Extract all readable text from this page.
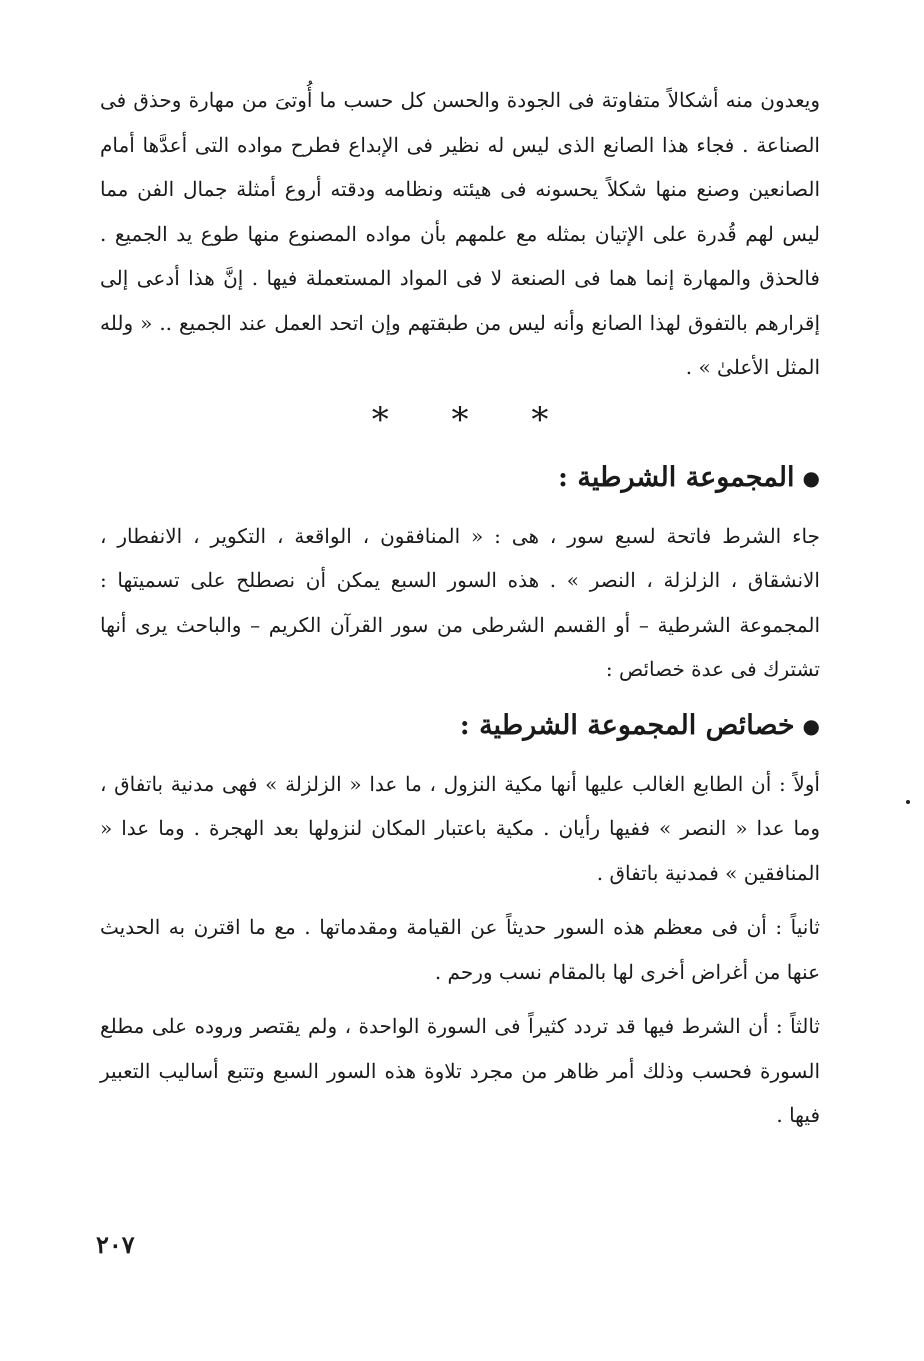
ويعدون منه أشكالاً متفاوتة فى الجودة والحسن كل حسب ما أُوتىَ من مهارة وحذق فى الصناعة . فجاء هذا الصانع الذى ليس له نظير فى الإبداع فطرح مواده التى أعدَّها أمام الصانعين وصنع منها شكلاً يحسونه فى هيئته ونظامه ودقته أروع أمثلة جمال الفن مما ليس لهم قُدرة على الإتيان بمثله مع علمهم بأن مواده المصنوع منها طوع يد الجميع . فالحذق والمهارة إنما هما فى الصنعة لا فى المواد المستعملة فيها . إنَّ هذا أدعى إلى إقرارهم بالتفوق لهذا الصانع وأنه ليس من طبقتهم وإن اتحد العمل عند الجميع .. « ولله المثل الأعلىٰ » .

* * *
●المجموعة الشرطية :

جاء الشرط فاتحة لسبع سور ، هى : « المنافقون ، الواقعة ، التكوير ، الانفطار ، الانشقاق ، الزلزلة ، النصر » . هذه السور السبع يمكن أن نصطلح على تسميتها : المجموعة الشرطية – أو القسم الشرطى من سور القرآن الكريم – والباحث يرى أنها تشترك فى عدة خصائص :

●خصائص المجموعة الشرطية :

أولاً : أن الطابع الغالب عليها أنها مكية النزول ، ما عدا « الزلزلة » فهى مدنية باتفاق ، وما عدا « النصر » ففيها رأيان . مكية باعتبار المكان لنزولها بعد الهجرة . وما عدا « المنافقين » فمدنية باتفاق .

ثانياً : أن فى معظم هذه السور حديثاً عن القيامة ومقدماتها . مع ما اقترن به الحديث عنها من أغراض أخرى لها بالمقام نسب ورحم .

ثالثاً : أن الشرط فيها قد تردد كثيراً فى السورة الواحدة ، ولم يقتصر وروده على مطلع السورة فحسب وذلك أمر ظاهر من مجرد تلاوة هذه السور السبع وتتبع أساليب التعبير فيها .

٢٠٧
